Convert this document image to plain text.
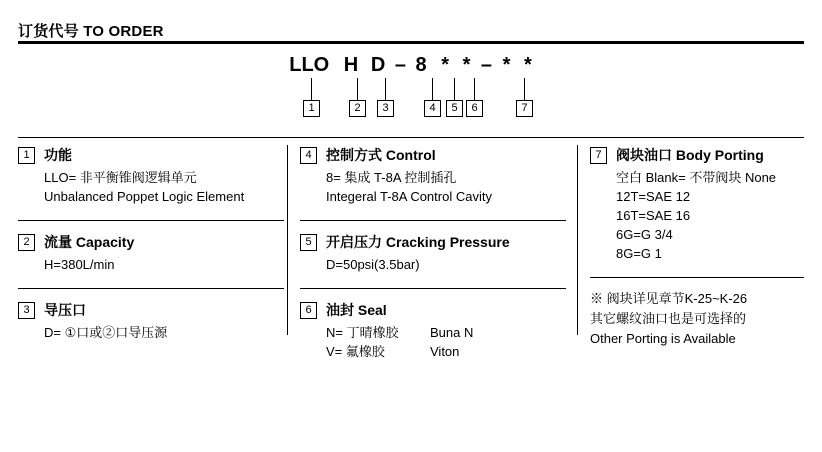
订货代号 TO ORDER
LLO H D – 8 * * – * *
1	2	3	4	5	6	7
1	功能
LLO= 非平衡锥阀逻辑单元
Unbalanced Poppet Logic Element
2	流量 Capacity
H=380L/min
3	导压口
D= ①口或②口导压源
4	控制方式 Control
8= 集成 T-8A 控制插孔
Integeral T-8A Control Cavity
5	开启压力 Cracking Pressure
D=50psi(3.5bar)
6	油封 Seal
N= 丁晴橡胶	Buna N
V= 氟橡胶	Viton
7	阀块油口 Body Porting
空白 Blank= 不带阀块 None
12T=SAE 12
16T=SAE 16
6G=G 3/4
8G=G 1
※ 阀块详见章节K-25~K-26
其它螺纹油口也是可选择的
Other Porting is Available
